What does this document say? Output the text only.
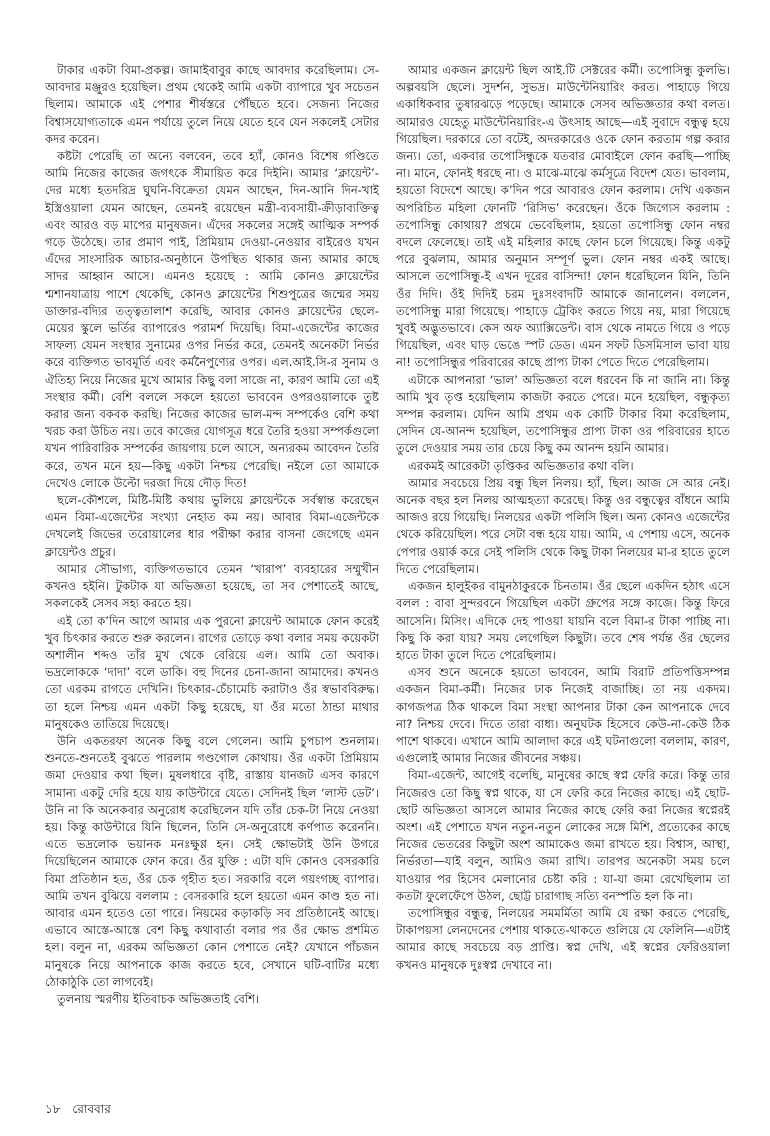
টাকার একটা বিমা-প্রকল্প। জামাইবাবুর কাছে আবদার করেছিলাম। সে-আবদার মঞ্জুরও হয়েছিল। প্রথম থেকেই আমি একটা ব্যাপারে খুব সচেতন ছিলাম। আমাকে এই পেশার শীর্ষস্তরে পৌঁছতে হবে। সেজন্য নিজের বিশ্বাসযোগ্যতাকে এমন পর্যায়ে তুলে নিয়ে যেতে হবে যেন সকলেই সেটার কদর করেন।

কষ্টটা পেরেছি তা অন্যে বলবেন, তবে হ্যাঁ, কোনও বিশেষ গণ্ডিতে আমি নিজের কাজের জগৎকে সীমায়িত করে দিইনি। আমার ‘ক্লায়েন্ট’-দের মধ্যে হতদরিদ্র ঘুঘনি-বিক্রেতা যেমন আছেন, দিন-আনি দিন-খাই ইস্ত্রিওয়ালা যেমন আছেন, তেমনই রয়েছেন মন্ত্রী-ব্যবসায়ী-ক্রীড়াব্যক্তিত্ব এবং আরও বড় মাপের মানুষজন। এঁদের সকলের সঙ্গেই আত্মিক সম্পর্ক গড়ে উঠেছে। তার প্রমাণ পাই, প্রিমিয়াম দেওয়া-নেওয়ার বাইরেও যখন এঁদের সাংসারিক আচার-অনুষ্ঠানে উপস্থিত থাকার জন্য আমার কাছে সাদর আহ্বান আসে। এমনও হয়েছে : আমি কোনও ক্লায়েন্টের শ্মশানযাত্রায় পাশে থেকেছি, কোনও ক্লায়েন্টের শিশুপুত্রের জন্মের সময় ডাক্তার-বদ্যির তত্ত্বতালাশ করেছি, আবার কোনও ক্লায়েন্টের ছেলে-মেয়ের স্কুলে ভর্তির ব্যাপারেও পরামর্শ দিয়েছি। বিমা-এজেন্টের কাজের সাফল্য যেমন সংস্থার সুনামের ওপর নির্ভর করে, তেমনই অনেকটা নির্ভর করে ব্যক্তিগত ভাবমূর্তি এবং কর্মনৈপুণ্যের ওপর। এল.আই.সি-র সুনাম ও ঐতিহ্য নিয়ে নিজের মুখে আমার কিছু বলা সাজে না, কারণ আমি তো এই সংস্থার কর্মী। বেশি বললে সকলে হয়তো ভাববেন ওপরওয়ালাকে তুষ্ট করার জন্য বকবক করছি। নিজের কাজের ভাল-মন্দ সম্পর্কেও বেশি কথা খরচ করা উচিত নয়। তবে কাজের যোগসূত্র ধরে তৈরি হওয়া সম্পর্কগুলো যখন পারিবারিক সম্পর্কের জায়গায় চলে আসে, অন্যরকম আবেদন তৈরি করে, তখন মনে হয়—কিছু একটা নিশ্চয় পেরেছি। নইলে তো আমাকে দেখেও লোকে উল্টো দরজা দিয়ে দৌড় দিত!

ছলে-কৌশলে, মিষ্টি-মিষ্টি কথায় ভুলিয়ে ক্লায়েন্টকে সর্বস্বান্ত করেছেন এমন বিমা-এজেন্টের সংখ্যা নেহাত কম নয়। আবার বিমা-এজেন্টকে দেখলেই জিভের তরোয়ালের ধার পরীক্ষা করার বাসনা জেগেছে এমন ক্লায়েন্টও প্রচুর।

আমার সৌভাগ্য, ব্যক্তিগতভাবে তেমন ‘খারাপ’ ব্যবহারের সম্মুখীন কখনও হইনি। টুকটাক যা অভিজ্ঞতা হয়েছে, তা সব পেশাতেই আছে, সকলকেই সেসব সহ্য করতে হয়।

এই তো ক’দিন আগে আমার এক পুরনো ক্লায়েন্ট আমাকে ফোন করেই খুব চিৎকার করতে শুরু করলেন। রাগের তোড়ে কথা বলার সময় কয়েকটা অশালীন শব্দও তাঁর মুখ থেকে বেরিয়ে এল। আমি তো অবাক। ভদ্রলোককে ‘দাদা’ বলে ডাকি। বহু দিনের চেনা-জানা আমাদের। কখনও তো এরকম রাগতে দেখিনি। চিৎকার-চেঁচামেচি করাটাও ওঁর স্বভাববিরুদ্ধ। তা হলে নিশ্চয় এমন একটা কিছু হয়েছে, যা ওঁর মতো ঠান্ডা মাথার মানুষকেও তাতিয়ে দিয়েছে।

উনি একতরফা অনেক কিছু বলে গেলেন। আমি চুপচাপ শুনলাম। শুনতে-শুনতেই বুঝতে পারলাম গণ্ডগোল কোথায়। ওঁর একটা প্রিমিয়াম জমা দেওয়ার কথা ছিল। মুষলধারে বৃষ্টি, রাস্তায় যানজট এসব কারণে সামান্য একটু দেরি হয়ে যায় কাউন্টারে যেতে। সেদিনই ছিল ‘লাস্ট ডেট’। উনি না কি অনেকবার অনুরোধ করেছিলেন যদি তাঁর চেক-টা নিয়ে নেওয়া হয়। কিন্তু কাউন্টারে যিনি ছিলেন, তিনি সে-অনুরোধে কর্ণপাত করেননি। এতে ভদ্রলোক ভয়ানক মনঃক্ষুণ্ণ হন। সেই ক্ষোভটাই উনি উগরে দিয়েছিলেন আমাকে ফোন করে। ওঁর যুক্তি : এটা যদি কোনও বেসরকারি বিমা প্রতিষ্ঠান হত, ওঁর চেক গৃহীত হত। সরকারি বলে গয়ংগচ্ছ ব্যাপার। আমি তখন বুঝিয়ে বললাম : বেসরকারি হলে হয়তো এমন কাণ্ড হত না। আবার এমন হতেও তো পারে। নিয়মের কড়াকড়ি সব প্রতিষ্ঠানেই আছে। এভাবে আস্তে-আস্তে বেশ কিছু কথাবার্তা বলার পর ওঁর ক্ষোভ প্রশমিত হল। বলুন না, এরকম অভিজ্ঞতা কোন পেশাতে নেই? যেখানে পাঁচজন মানুষকে নিয়ে আপনাকে কাজ করতে হবে, সেখানে ঘটি-বাটির মধ্যে ঠোকাঠুকি তো লাগবেই।

তুলনায় স্মরণীয় ইতিবাচক অভিজ্ঞতাই বেশি।

আমার একজন ক্লায়েন্ট ছিল আই.টি সেক্টরের কর্মী। তপোসিন্ধু কুলভি। অল্পবয়সি ছেলে। সুদর্শন, সুভদ্র। মাউন্টেনিয়ারিং করত। পাহাড়ে গিয়ে একাধিকবার তুষারঝড়ে পড়েছে। আমাকে সেসব অভিজ্ঞতার কথা বলত। আমারও যেহেতু মাউন্টেনিয়ারিং-এ উৎসাহ আছে—এই সুবাদে বন্ধুত্ব হয়ে গিয়েছিল। দরকারে তো বটেই, অদরকারেও ওকে ফোন করতাম গল্প করার জন্য। তো, একবার তপোসিন্ধুকে যতবার মোবাইলে ফোন করছি—পাচ্ছি না। মানে, ফোনই ধরছে না। ও মাঝে-মাঝে কর্মসূত্রে বিদেশ যেত। ভাবলাম, হয়তো বিদেশে আছে। ক’দিন পরে আবারও ফোন করলাম। দেখি একজন অপরিচিত মহিলা ফোনটি ‘রিসিভ’ করেছেন। ওঁকে জিগ্যেস করলাম : তপোসিন্ধু কোথায়? প্রথমে ভেবেছিলাম, হয়তো তপোসিন্ধু ফোন নম্বর বদলে ফেলেছে। তাই এই মহিলার কাছে ফোন চলে গিয়েছে। কিন্তু একটু পরে বুঝলাম, আমার অনুমান সম্পূর্ণ ভুল। ফোন নম্বর একই আছে। আসলে তপোসিন্ধু-ই এখন দূরের বাসিন্দা! ফোন ধরেছিলেন যিনি, তিনি ওঁর দিদি। ওঁই দিদিই চরম দুঃসংবাদটি আমাকে জানালেন। বললেন, তপোসিন্ধু মারা গিয়েছে। পাহাড়ে ট্রেকিং করতে গিয়ে নয়, মারা গিয়েছে খুবই অদ্ভুতভাবে। কেস অফ অ্যাক্সিডেন্ট। বাস থেকে নামতে গিয়ে ও পড়ে গিয়েছিল, এবং ঘাড় ভেঙে স্পট ডেড। এমন সফট ডিসমিসাল ভাবা যায় না! তপোসিন্ধুর পরিবারের কাছে প্রাপ্য টাকা পেতে দিতে পেরেছিলাম।

এটাকে আপনারা ‘ভাল’ অভিজ্ঞতা বলে ধরবেন কি না জানি না। কিন্তু আমি খুব তৃপ্ত হয়েছিলাম কাজটা করতে পেরে। মনে হয়েছিল, বন্ধুকৃত্য সম্পন্ন করলাম। যেদিন আমি প্রথম এক কোটি টাকার বিমা করেছিলাম, সেদিন যে-আনন্দ হয়েছিল, তপোসিন্ধুর প্রাপ্য টাকা ওর পরিবারের হাতে তুলে দেওয়ার সময় তার চেয়ে কিছু কম আনন্দ হয়নি আমার।

এরকমই আরেকটা তৃপ্তিকর অভিজ্ঞতার কথা বলি।

আমার সবচেয়ে প্রিয় বন্ধু ছিল নিলয়। হ্যাঁ, ছিল। আজ সে আর নেই। অনেক বছর হল নিলয় আত্মহত্যা করেছে। কিন্তু ওর বন্ধুত্বের বাঁধনে আমি আজও রয়ে গিয়েছি। নিলয়ের একটা পলিসি ছিল। অন্য কোনও এজেন্টের থেকে করিয়েছিল। পরে সেটা বন্ধ হয়ে যায়। আমি, এ পেশায় এসে, অনেক পেপার ওয়ার্ক করে সেই পলিসি থেকে কিছু টাকা নিলয়ের মা-র হাতে তুলে দিতে পেরেছিলাম।

একজন হালুইকর বামুনঠাকুরকে চিনতাম। ওঁর ছেলে একদিন হঠাৎ এসে বলল : বাবা সুন্দরবনে গিয়েছিল একটা গ্রুপের সঙ্গে কাজে। কিন্তু ফিরে আসেনি। মিসিং। এদিকে দেহ পাওয়া যায়নি বলে বিমা-র টাকা পাচ্ছি না। কিছু কি করা যায়? সময় লেগেছিল কিছুটা। তবে শেষ পর্যন্ত ওঁর ছেলের হাতে টাকা তুলে দিতে পেরেছিলাম।

এসব শুনে অনেকে হয়তো ভাববেন, আমি বিরাট প্রতিপত্তিসম্পন্ন একজন বিমা-কর্মী। নিজের ঢাক নিজেই বাজাচ্ছি। তা নয় একদম। কাগজপত্র ঠিক থাকলে বিমা সংস্থা আপনার টাকা কেন আপনাকে দেবে না? নিশ্চয় দেবে। দিতে তারা বাধ্য। অনুঘটক হিসেবে কেউ-না-কেউ ঠিক পাশে থাকবে। এখানে আমি আলাদা করে এই ঘটনাগুলো বললাম, কারণ, এগুলোই আমার নিজের জীবনের সঞ্চয়।

বিমা-এজেন্ট, আগেই বলেছি, মানুষের কাছে স্বপ্ন ফেরি করে। কিন্তু তার নিজেরও তো কিছু স্বপ্ন থাকে, যা সে ফেরি করে নিজের কাছে। এই ছোট-ছোট অভিজ্ঞতা আসলে আমার নিজের কাছে ফেরি করা নিজের স্বপ্নেরই অংশ। এই পেশাতে যখন নতুন-নতুন লোকের সঙ্গে মিশি, প্রত্যেকের কাছে নিজের ভেতরের কিছুটা অংশ আমাকেও জমা রাখতে হয়। বিশ্বাস, আস্থা, নির্ভরতা—যাই বলুন, আমিও জমা রাখি। তারপর অনেকটা সময় চলে যাওয়ার পর হিসেব মেলানোর চেষ্টা করি : যা-যা জমা রেখেছিলাম তা কতটা ফুলেফেঁপে উঠল, ছোট্ট চারাগাছ সত্যি বনস্পতি হল কি না।

তপোসিন্ধুর বন্ধুত্ব, নিলয়ের সমমর্মিতা আমি যে রক্ষা করতে পেরেছি, টাকাপয়সা লেনদেনের পেশায় থাকতে-থাকতে গুলিয়ে যে ফেলিনি—এটাই আমার কাছে সবচেয়ে বড় প্রাপ্তি। স্বপ্ন দেখি, এই স্বপ্নের ফেরিওয়ালা কখনও মানুষকে দুঃস্বপ্ন দেখাবে না।

১৮ রোববার
